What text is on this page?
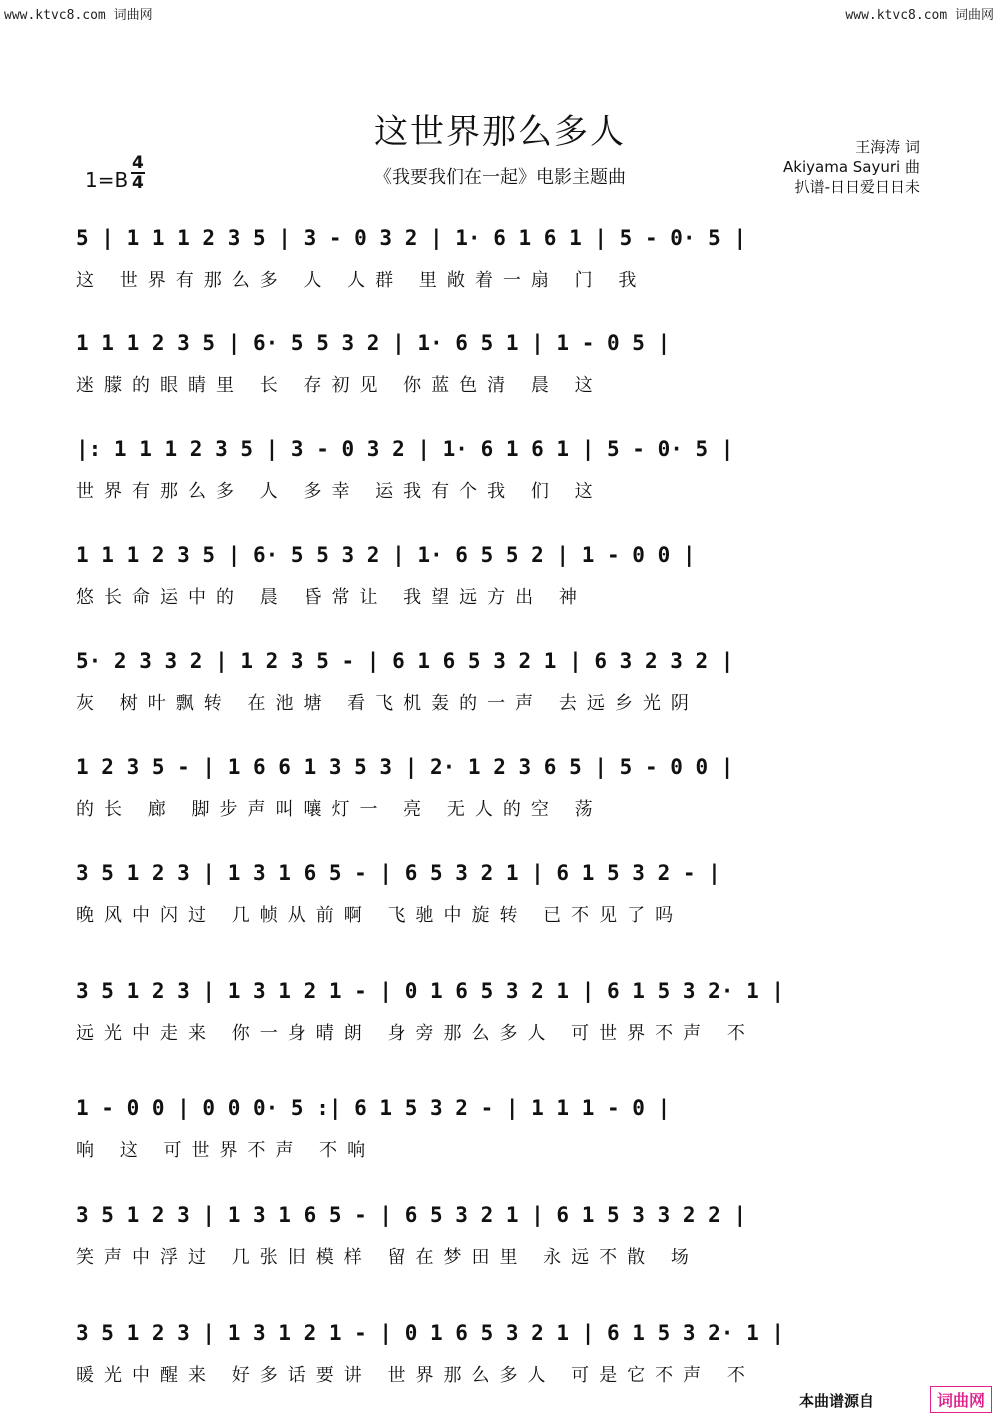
www.ktvc8.com 词曲网	www.ktvc8.com 词曲网
这世界那么多人
《我要我们在一起》电影主题曲
王海涛 词
Akiyama Sayuri 曲
扒谱-日日爱日日未
1=B
4
4
5 | 1 1 1 2 3 5 | 3 - 0 3 2 | 1· 6 1 6 1 | 5 - 0· 5 |
这 世界有那么多 人 人群 里敞着一扇 门 我
1 1 1 2 3 5 | 6· 5 5 3 2 | 1· 6 5 1 | 1 - 0 5 |
迷朦的眼睛里 长 存初见 你蓝色清 晨 这
|: 1 1 1 2 3 5 | 3 - 0 3 2 | 1· 6 1 6 1 | 5 - 0· 5 |
世界有那么多 人 多幸 运我有个我 们 这
1 1 1 2 3 5 | 6· 5 5 3 2 | 1· 6 5 5 2 | 1 - 0 0 |
悠长命运中的 晨 昏常让 我望远方出 神
5· 2 3 3 2 | 1 2 3 5 - | 6 1 6 5 3 2 1 | 6 3 2 3 2 |
灰 树叶飘转 在池塘 看飞机轰的一声 去远乡光阴
1 2 3 5 - | 1 6 6 1 3 5 3 | 2· 1 2 3 6 5 | 5 - 0 0 |
的长 廊 脚步声叫嚷灯一 亮 无人的空 荡
3 5 1 2 3 | 1 3 1 6 5 - | 6 5 3 2 1 | 6 1 5 3 2 - |
晚风中闪过 几帧从前啊 飞驰中旋转 已不见了吗
3 5 1 2 3 | 1 3 1 2 1 - | 0 1 6 5 3 2 1 | 6 1 5 3 2· 1 |
远光中走来 你一身晴朗 身旁那么多人 可世界不声 不
1 - 0 0 | 0 0 0· 5 :| 6 1 5 3 2 - | 1 1 1 - 0 |
响 这 可世界不声 不响
3 5 1 2 3 | 1 3 1 6 5 - | 6 5 3 2 1 | 6 1 5 3 3 2 2 |
笑声中浮过 几张旧模样 留在梦田里 永远不散 场
3 5 1 2 3 | 1 3 1 2 1 - | 0 1 6 5 3 2 1 | 6 1 5 3 2· 1 |
暖光中醒来 好多话要讲 世界那么多人 可是它不声 不
本曲谱源自	词曲网
